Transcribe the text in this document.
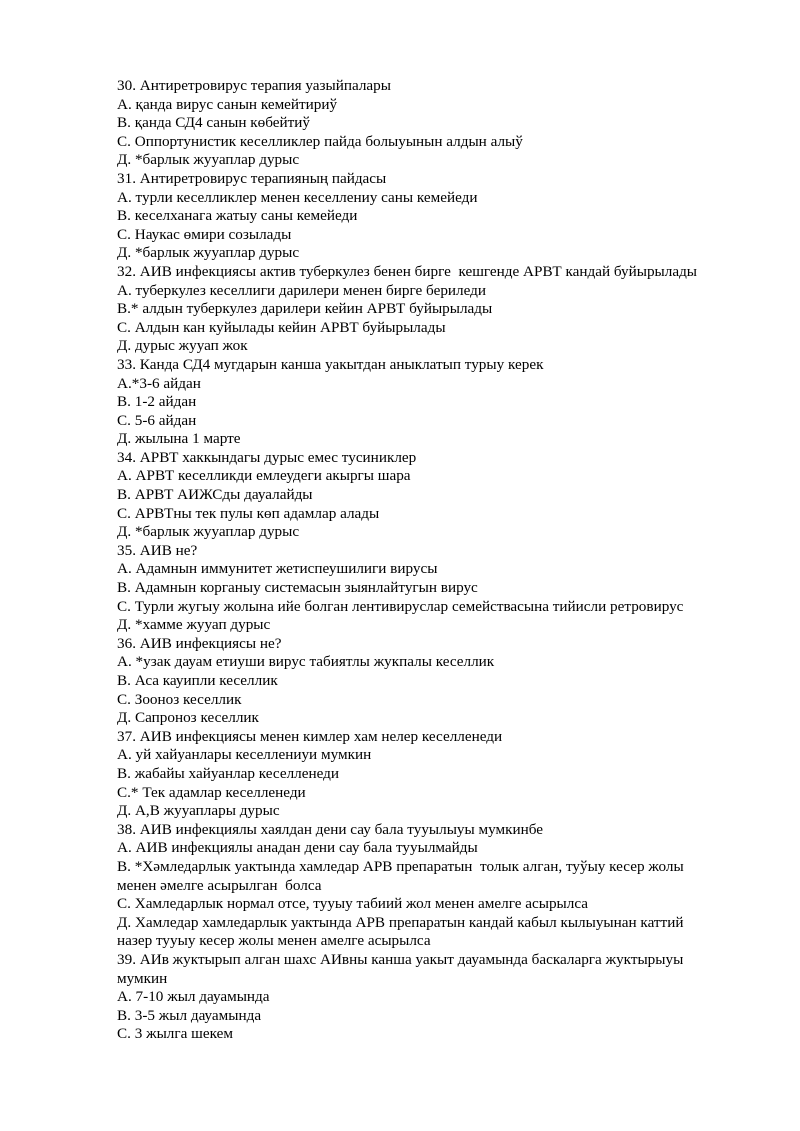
30. Антиретровирус терапия уазыйпалары
А. қанда вирус санын кемейтириў
В. қанда СД4 санын көбейтиў
С. Оппортунистик кеселликлер пайда болыуынын алдын алыў
Д. *барлык жууаплар дурыс
31. Антиретровирус терапияның пайдасы
А. турли кеселликлер менен кеселлениу саны кемейеди
В. кеселханага жатыу саны кемейеди
С. Наукас өмири созылады
Д. *барлык жууаплар дурыс
32. АИВ инфекциясы актив туберкулез бенен бирге  кешгенде АРВТ кандай буйырылады
А. туберкулез кеселлиги дарилери менен бирге бериледи
В.* алдын туберкулез дарилери кейин АРВТ буйырылады
С. Алдын кан куйылады кейин АРВТ буйырылады
Д. дурыс жууап жок
33. Канда СД4 мугдарын канша уакытдан аныклатып турыу керек
А.*3-6 айдан
В. 1-2 айдан
С. 5-6 айдан
Д. жылына 1 марте
34. АРВТ хаккындагы дурыс емес тусиниклер
А. АРВТ кеселликди емлеудеги акыргы шара
В. АРВТ АИЖСды дауалайды
С. АРВТны тек пулы көп адамлар алады
Д. *барлык жууаплар дурыс
35. АИВ не?
А. Адамнын иммунитет жетиспеушилиги вирусы
В. Адамнын корганыу системасын зыянлайтугын вирус
С. Турли жугыу жолына ийе болган лентивируслар семействасына тийисли ретровирус
Д. *хамме жууап дурыс
36. АИВ инфекциясы не?
А. *узак дауам етиуши вирус табиятлы жукпалы кеселлик
В. Аса кауипли кеселлик
С. Зооноз кеселлик
Д. Сапроноз кеселлик
37. АИВ инфекциясы менен кимлер хам нелер кеселленеди
А. уй хайуанлары кеселлениуи мумкин
В. жабайы хайуанлар кеселленеди
С.* Тек адамлар кеселленеди
Д. А,В жууаплары дурыс
38. АИВ инфекциялы хаялдан дени сау бала тууылыуы мумкинбе
А. АИВ инфекциялы анадан дени сау бала тууылмайды
В. *Хәмледарлык уактында хамледар АРВ препаратын  толык алган, туўыу кесер жолы
менен әмелге асырылган  болса
С. Хамледарлык нормал отсе, тууыу табиий жол менен амелге асырылса
Д. Хамледар хамледарлык уактында АРВ препаратын кандай кабыл кылыуынан каттий
назер тууыу кесер жолы менен амелге асырылса
39. АИв жуктырып алган шахс АИвны канша уакыт дауамында баскаларга жуктырыуы
мумкин
А. 7-10 жыл дауамында
В. 3-5 жыл дауамында
С. 3 жылга шекем
